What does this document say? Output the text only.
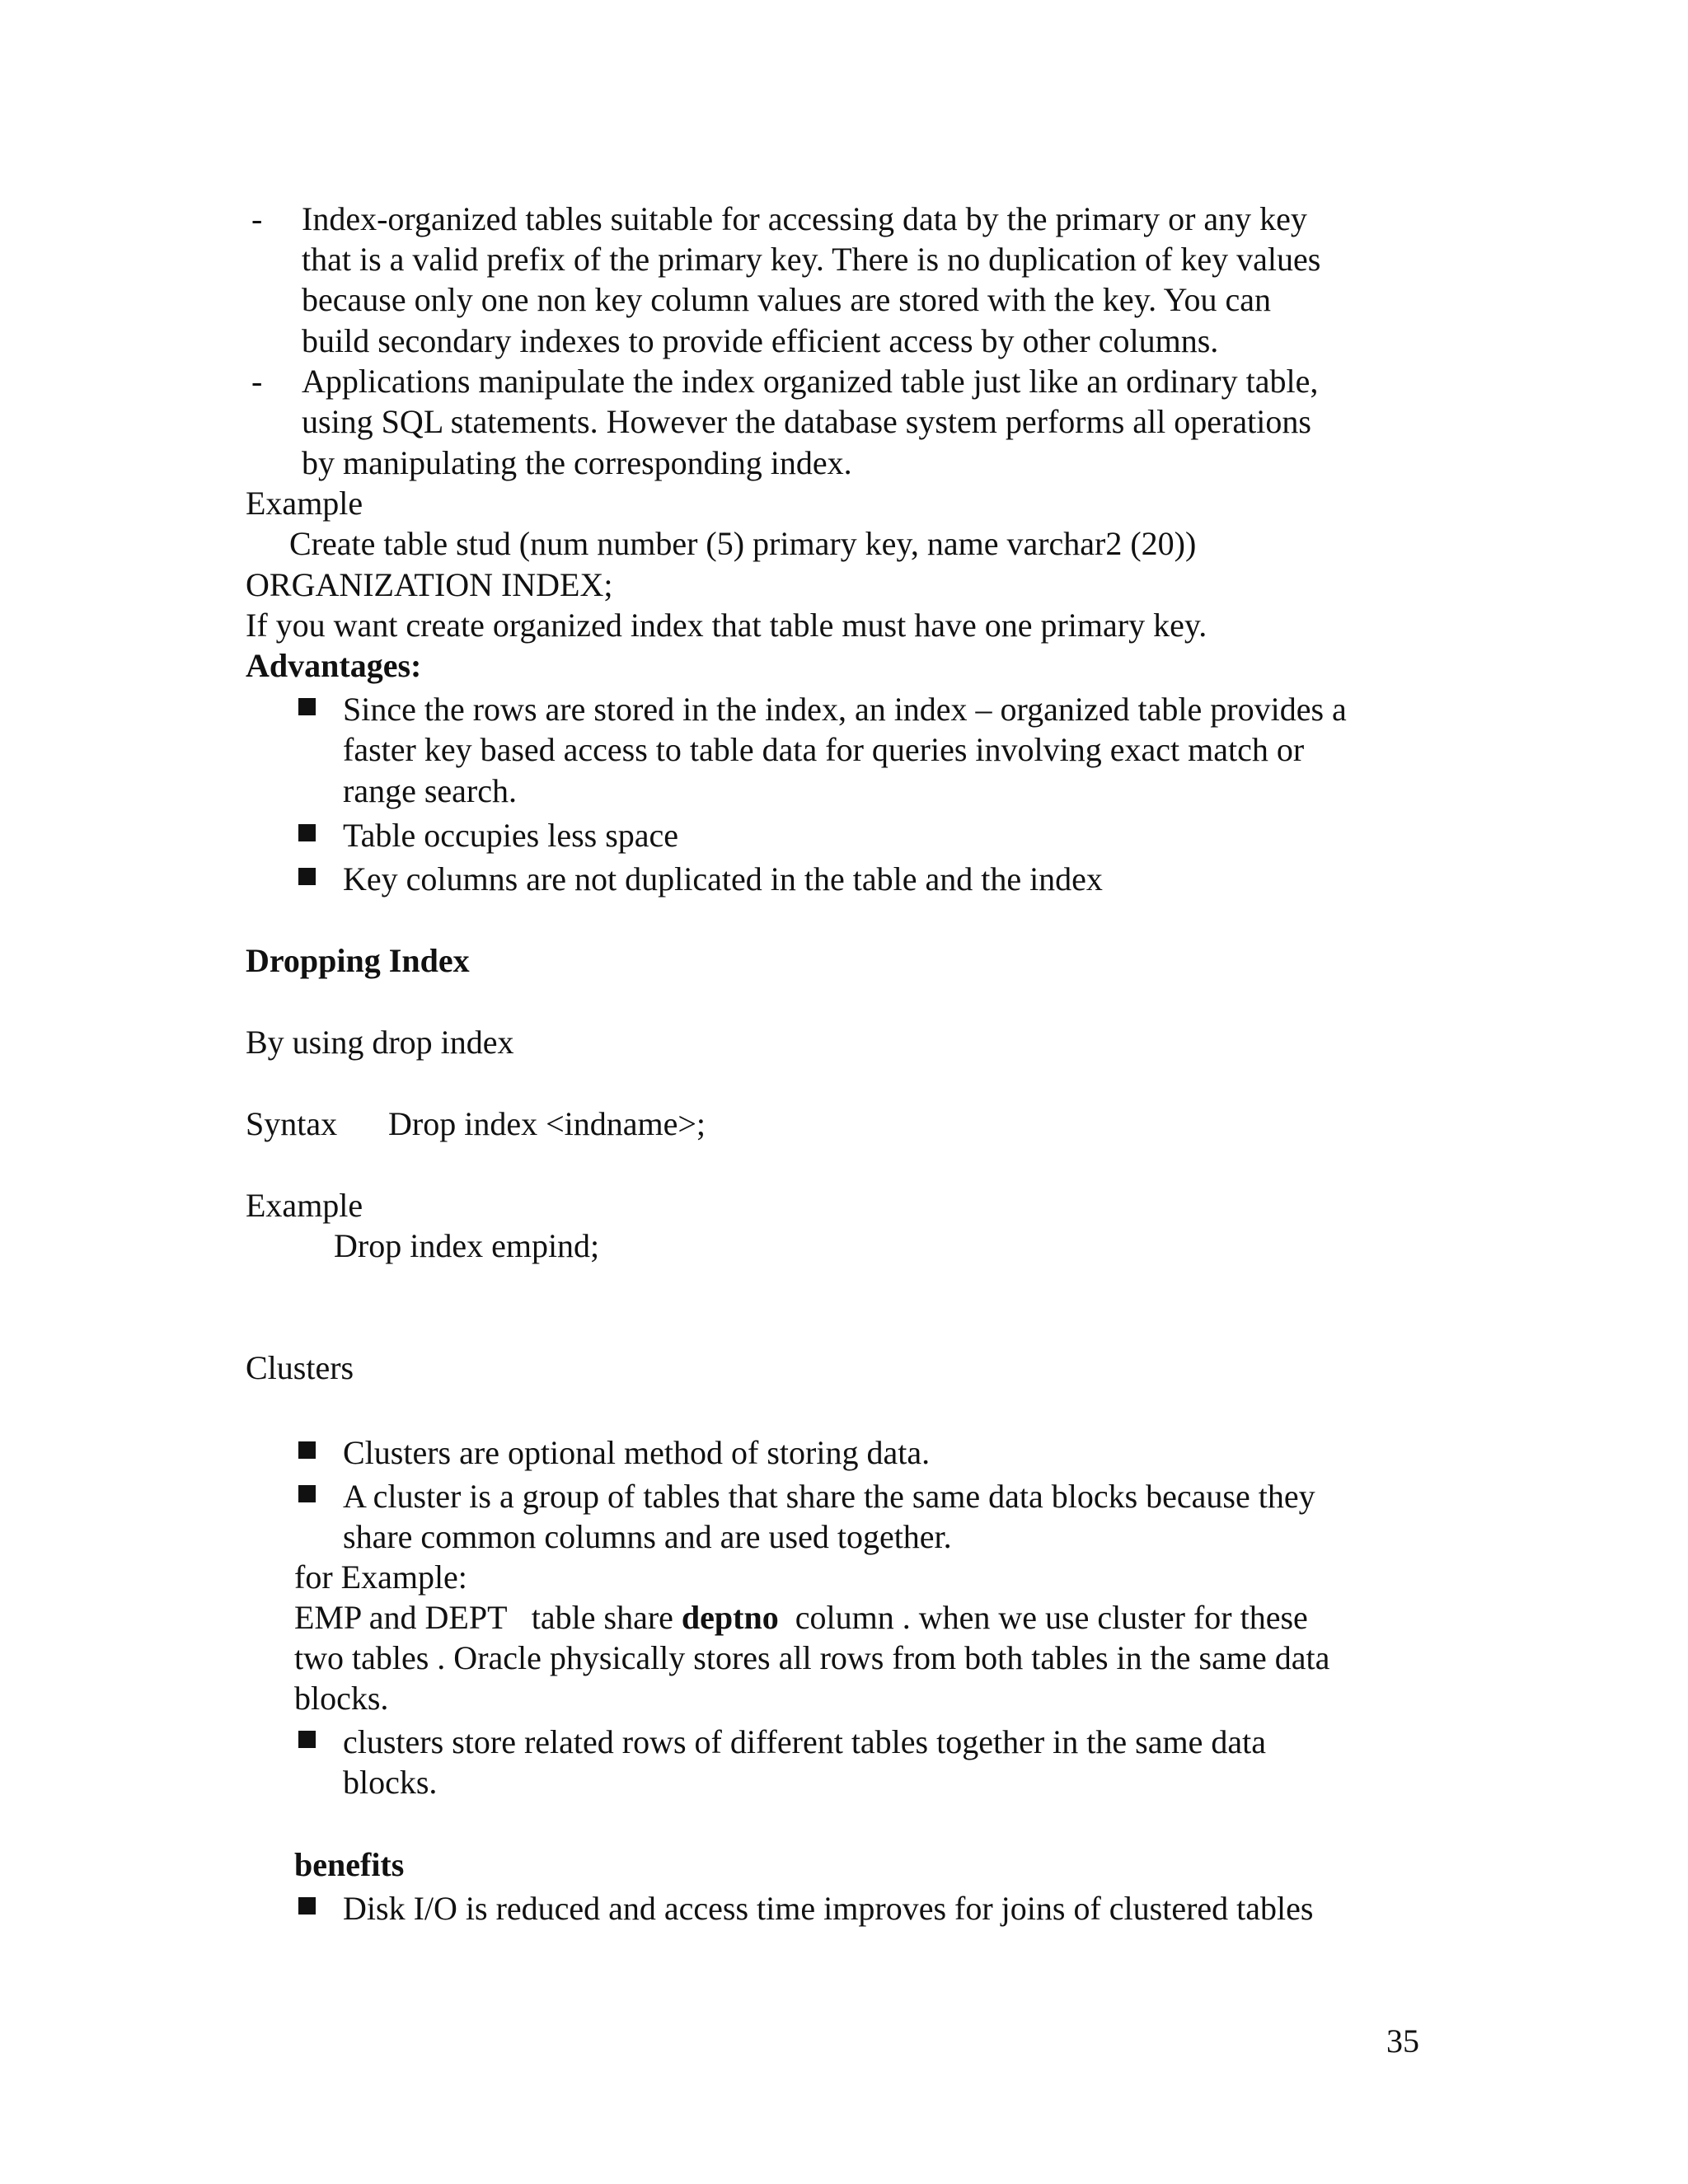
- Index-organized tables suitable for accessing data by the primary or any key
that is a valid prefix of the primary key. There is no duplication of key values
because only one non key column values are stored with the key. You can
build secondary indexes to provide efficient access by other columns.
- Applications manipulate the index organized table just like an ordinary table,
using SQL statements. However the database system performs all operations
by manipulating the corresponding index.
Example
Create table stud (num number (5) primary key, name varchar2 (20))
ORGANIZATION INDEX;
If you want create organized index that table must have one primary key.
Advantages:
Since the rows are stored in the index, an index – organized table provides a
faster key based access to table data for queries involving exact match or
range search.
Table occupies less space
Key columns are not duplicated in the table and the index
Dropping Index
By using drop index
Syntax Drop index <indname>;
Example
Drop index empind;
Clusters
Clusters are optional method of storing data.
A cluster is a group of tables that share the same data blocks because they
share common columns and are used together.
for Example:
EMP and DEPT   table share deptno  column . when we use cluster for these
two tables . Oracle physically stores all rows from both tables in the same data
blocks.
clusters store related rows of different tables together in the same data
blocks.
benefits
Disk I/O is reduced and access time improves for joins of clustered tables
35
